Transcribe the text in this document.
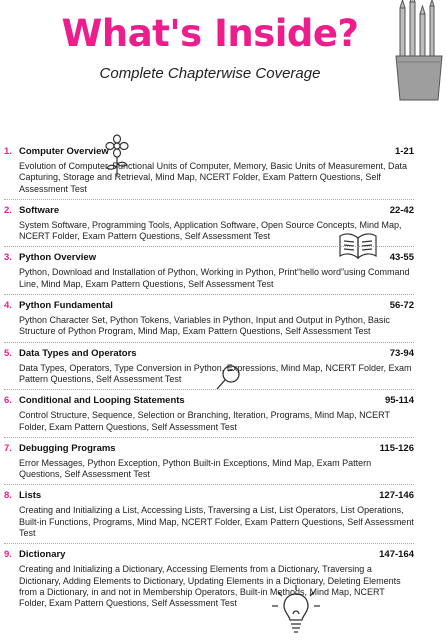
What's Inside?

Complete Chapterwise Coverage

1. Computer Overview	1-21

Evolution of Computer, Functional Units of Computer, Memory, Basic Units of Measurement, Data Capturing, Storage and Retrieval, Mind Map, NCERT Folder, Exam Pattern Questions, Self Assessment Test

2. Software	22-42

System Software, Programming Tools, Application Software, Open Source Concepts, Mind Map, NCERT Folder, Exam Pattern Questions, Self Assessment Test

3. Python Overview	43-55

Python, Download and Installation of Python, Working in Python, Print“hello word”using Command Line, Mind Map, Exam Pattern Questions, Self Assessment Test

4. Python Fundamental	56-72

Python Character Set, Python Tokens, Variables in Python, Input and Output in Python, Basic Structure of Python Program, Mind Map, Exam Pattern Questions, Self Assessment Test

5. Data Types and Operators	73-94

Data Types, Operators, Type Conversion in Python, Expressions, Mind Map, NCERT Folder, Exam Pattern Questions, Self Assessment Test

6. Conditional and Looping Statements	95-114

Control Structure, Sequence, Selection or Branching, Iteration, Programs, Mind Map, NCERT Folder, Exam Pattern Questions, Self Assessment Test

7. Debugging Programs	115-126

Error Messages, Python Exception, Python Built-in Exceptions, Mind Map, Exam Pattern Questions, Self Assessment Test

8. Lists	127-146

Creating and Initializing a List, Accessing Lists, Traversing a List, List Operators, List Operations, Built-in Functions, Programs, Mind Map, NCERT Folder, Exam Pattern Questions, Self Assessment Test

9. Dictionary	147-164

Creating and Initializing a Dictionary, Accessing Elements from a Dictionary, Traversing a Dictionary, Adding Elements to Dictionary, Updating Elements in a Dictionary, Deleting Elements from a Dictionary, in and not in Membership Operators, Built-in Methods, Mind Map, NCERT Folder, Exam Pattern Questions, Self Assessment Test
